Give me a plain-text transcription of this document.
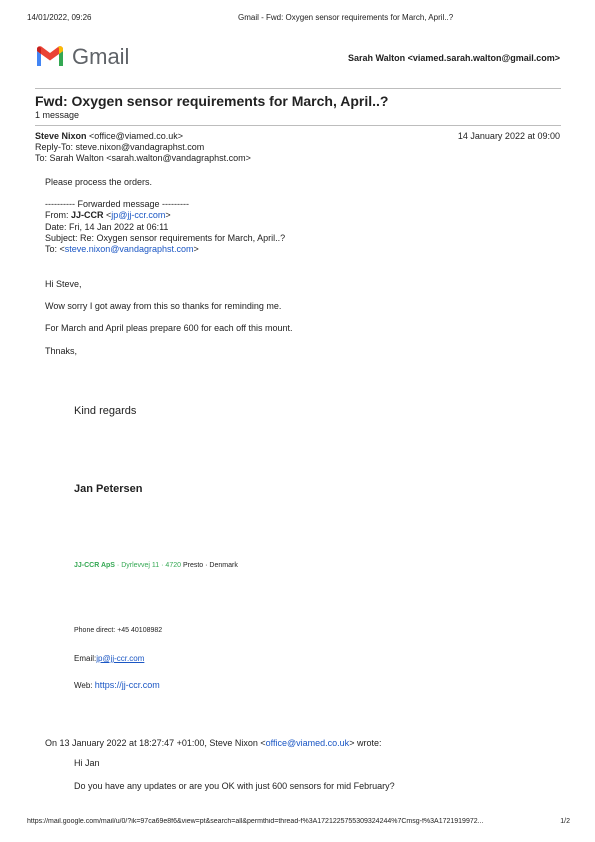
14/01/2022, 09:26	Gmail - Fwd: Oxygen sensor requirements for March, April..?
Gmail	Sarah Walton <viamed.sarah.walton@gmail.com>
Fwd: Oxygen sensor requirements for March, April..?
1 message
Steve Nixon <office@viamed.co.uk>	14 January 2022 at 09:00
Reply-To: steve.nixon@vandagraphst.com
To: Sarah Walton <sarah.walton@vandagraphst.com>
Please process the orders.
---------- Forwarded message ---------
From: JJ-CCR <jp@jj-ccr.com>
Date: Fri, 14 Jan 2022 at 06:11
Subject: Re: Oxygen sensor requirements for March, April..?
To: <steve.nixon@vandagraphst.com>
Hi Steve,
Wow sorry I got away from this so thanks for reminding me.
For March and April pleas prepare 600 for each off this mount.
Thnaks,
Kind regards
Jan Petersen
JJ-CCR ApS · Dyrlevvej 11 · 4720 Presto · Denmark
Phone direct: +45 40108982
Email:jp@jj-ccr.com
Web: https://jj-ccr.com
On 13 January 2022 at 18:27:47 +01:00, Steve Nixon <office@viamed.co.uk> wrote:
Hi Jan
Do you have any updates or are you OK with just 600 sensors for mid February?
https://mail.google.com/mail/u/0/?ik=97ca69e8f6&view=pt&search=all&permthid=thread-f%3A1721225755309324244%7Cmsg-f%3A1721919972...	1/2
